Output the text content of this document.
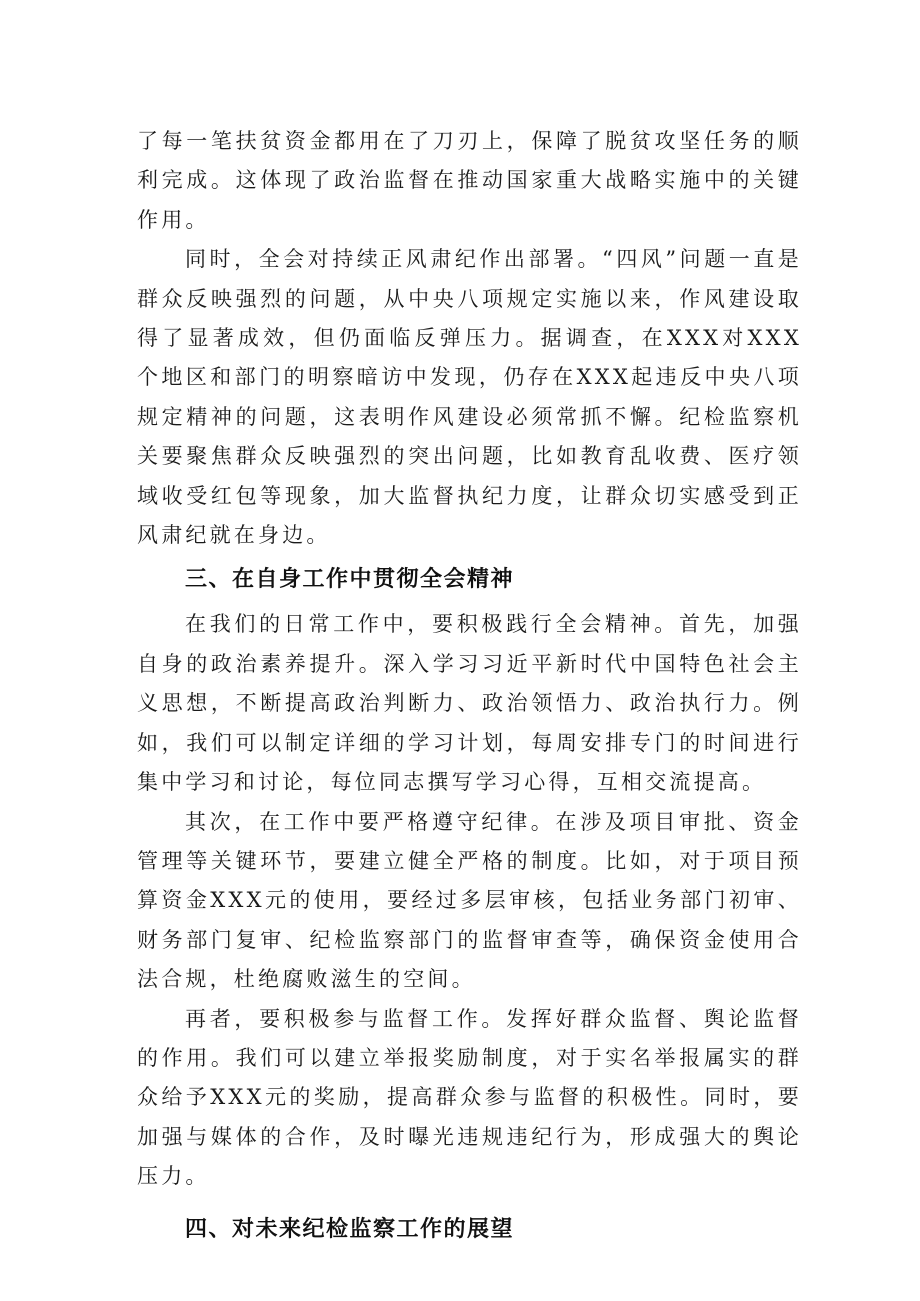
了每一笔扶贫资金都用在了刀刃上，保障了脱贫攻坚任务的顺利完成。这体现了政治监督在推动国家重大战略实施中的关键作用。

同时，全会对持续正风肃纪作出部署。“四风”问题一直是群众反映强烈的问题，从中央八项规定实施以来，作风建设取得了显著成效，但仍面临反弹压力。据调查，在XXX对XXX个地区和部门的明察暗访中发现，仍存在XXX起违反中央八项规定精神的问题，这表明作风建设必须常抓不懈。纪检监察机关要聚焦群众反映强烈的突出问题，比如教育乱收费、医疗领域收受红包等现象，加大监督执纪力度，让群众切实感受到正风肃纪就在身边。

三、在自身工作中贯彻全会精神

在我们的日常工作中，要积极践行全会精神。首先，加强自身的政治素养提升。深入学习习近平新时代中国特色社会主义思想，不断提高政治判断力、政治领悟力、政治执行力。例如，我们可以制定详细的学习计划，每周安排专门的时间进行集中学习和讨论，每位同志撰写学习心得，互相交流提高。

其次，在工作中要严格遵守纪律。在涉及项目审批、资金管理等关键环节，要建立健全严格的制度。比如，对于项目预算资金XXX元的使用，要经过多层审核，包括业务部门初审、财务部门复审、纪检监察部门的监督审查等，确保资金使用合法合规，杜绝腐败滋生的空间。

再者，要积极参与监督工作。发挥好群众监督、舆论监督的作用。我们可以建立举报奖励制度，对于实名举报属实的群众给予XXX元的奖励，提高群众参与监督的积极性。同时，要加强与媒体的合作，及时曝光违规违纪行为，形成强大的舆论压力。

四、对未来纪检监察工作的展望
